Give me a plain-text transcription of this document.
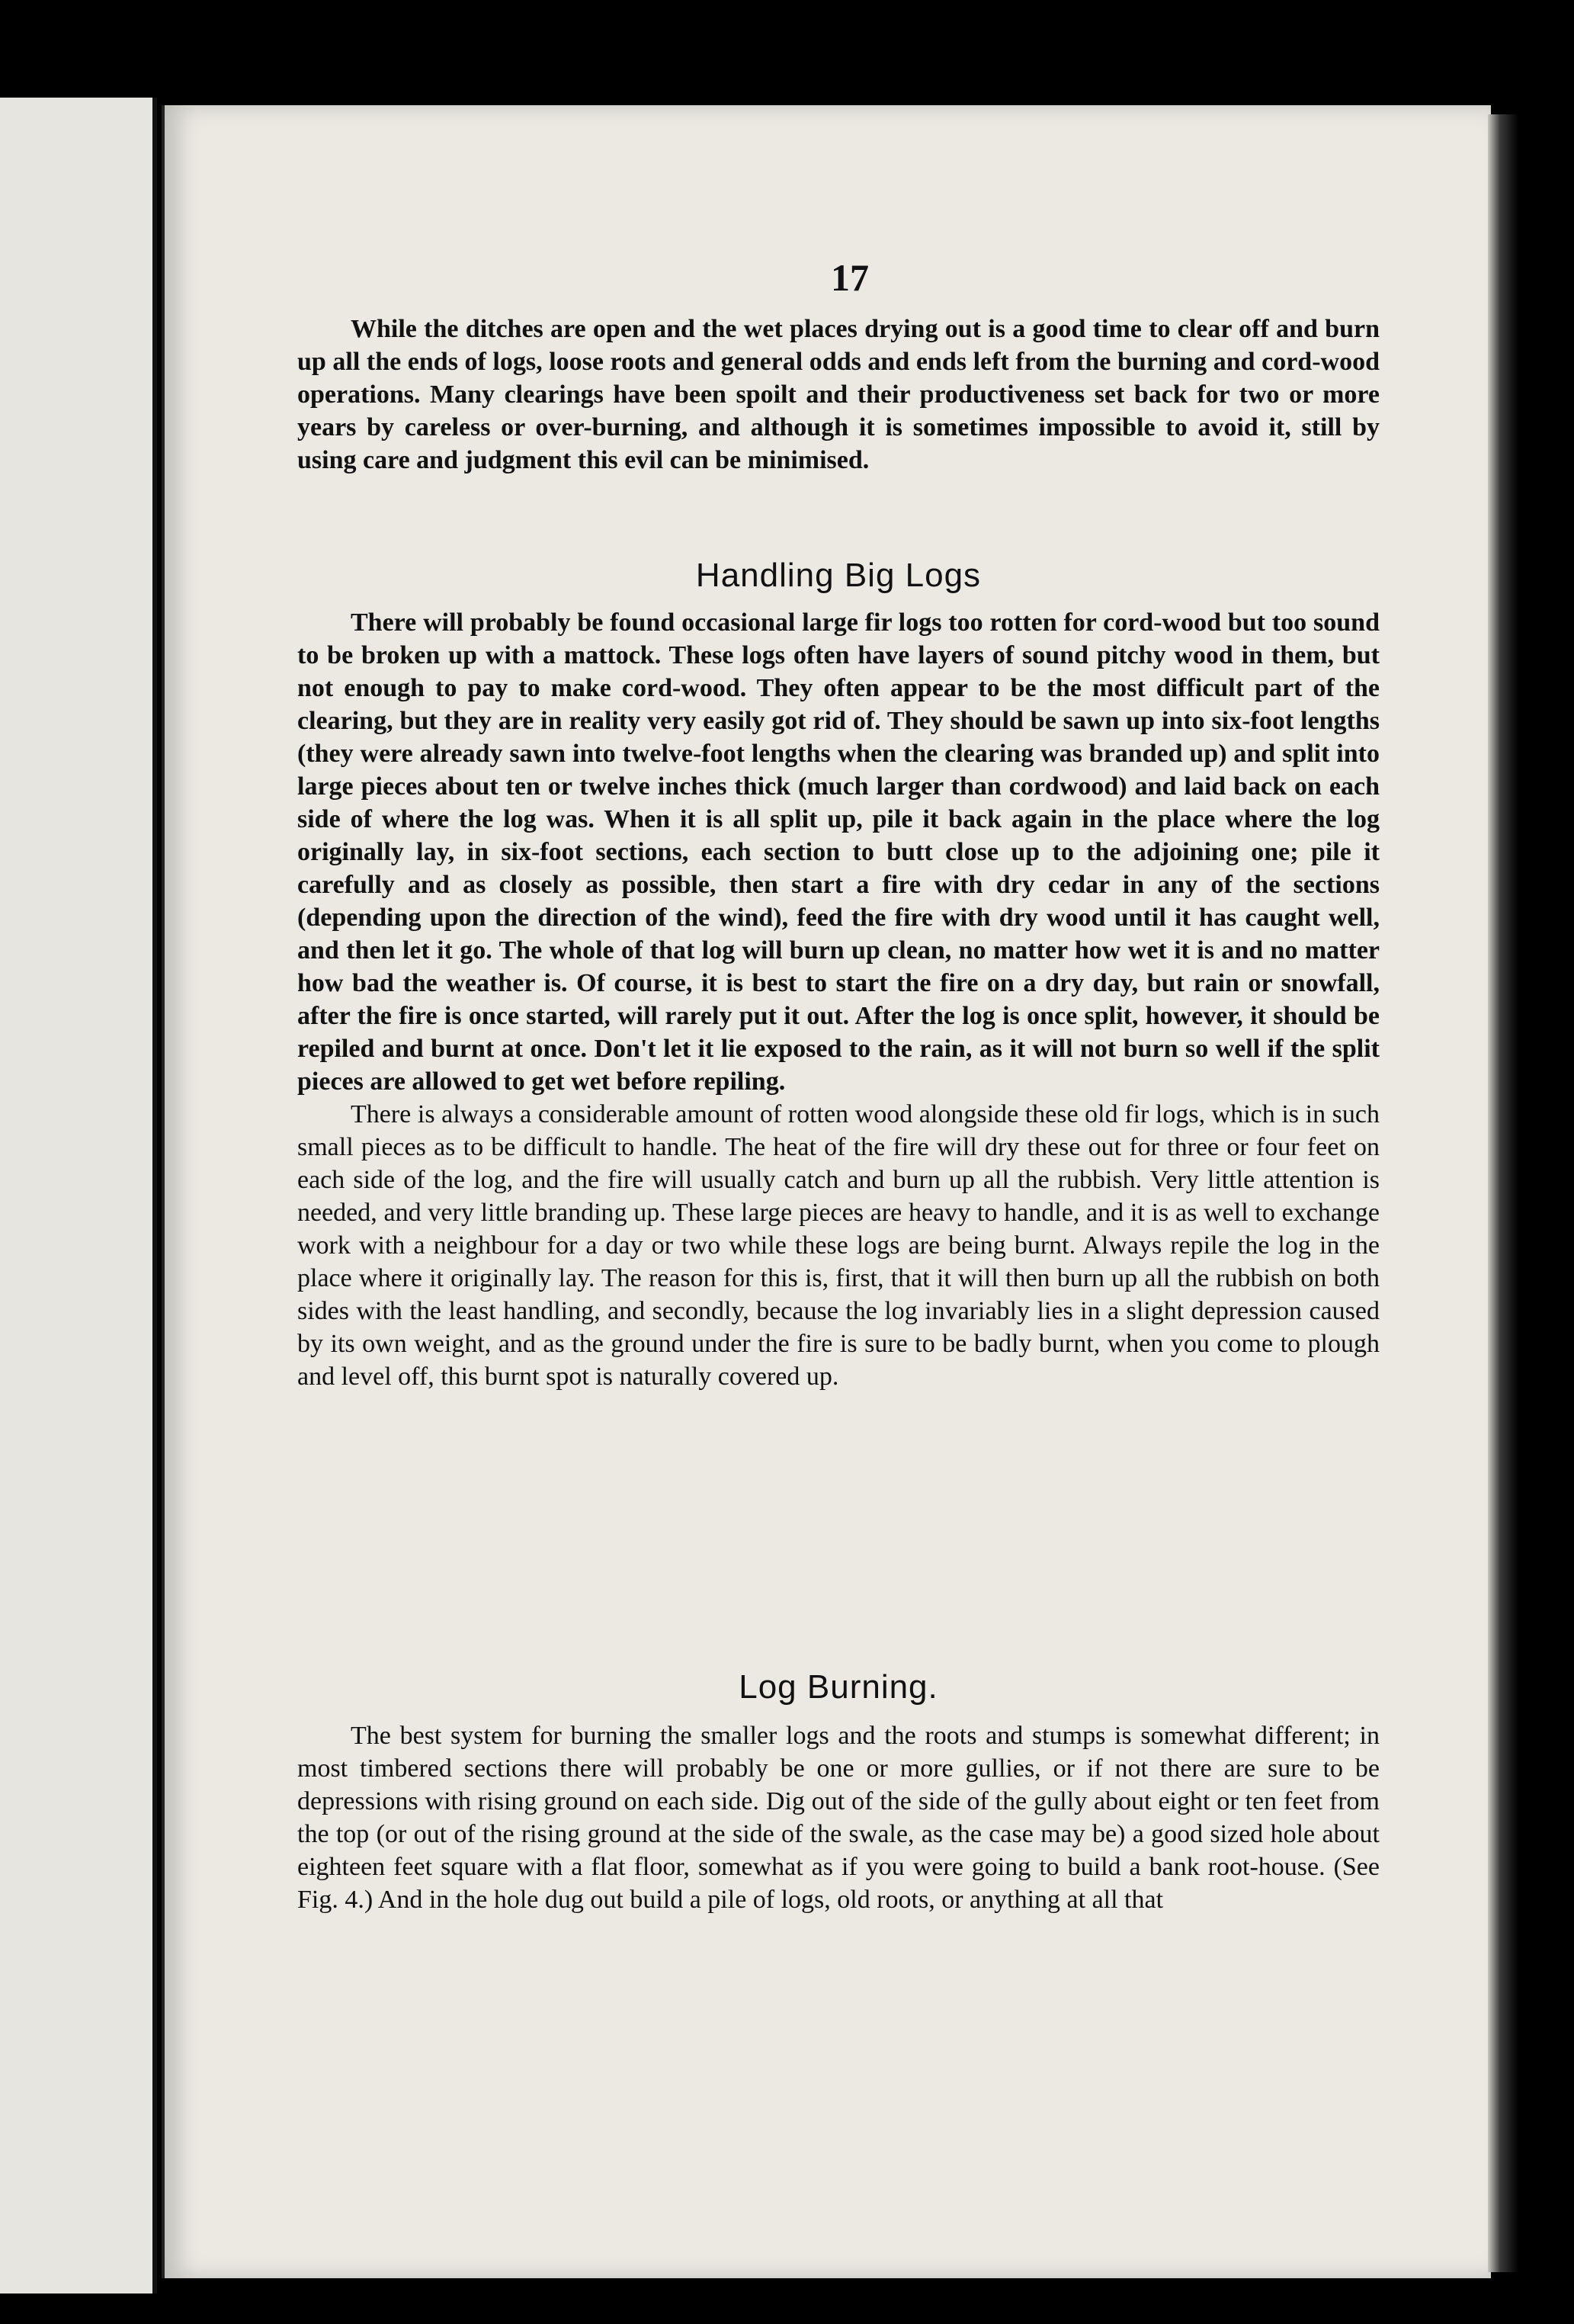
17

While the ditches are open and the wet places drying out is a good time to clear off and burn up all the ends of logs, loose roots and general odds and ends left from the burning and cord-wood operations. Many clearings have been spoilt and their productiveness set back for two or more years by careless or over-burning, and although it is sometimes impossible to avoid it, still by using care and judgment this evil can be minimised.

Handling Big Logs

There will probably be found occasional large fir logs too rotten for cord-wood but too sound to be broken up with a mattock. These logs often have layers of sound pitchy wood in them, but not enough to pay to make cord-wood. They often appear to be the most difficult part of the clearing, but they are in reality very easily got rid of. They should be sawn up into six-foot lengths (they were already sawn into twelve-foot lengths when the clearing was branded up) and split into large pieces about ten or twelve inches thick (much larger than cordwood) and laid back on each side of where the log was. When it is all split up, pile it back again in the place where the log originally lay, in six-foot sections, each section to butt close up to the adjoining one; pile it carefully and as closely as possible, then start a fire with dry cedar in any of the sections (depending upon the direction of the wind), feed the fire with dry wood until it has caught well, and then let it go. The whole of that log will burn up clean, no matter how wet it is and no matter how bad the weather is. Of course, it is best to start the fire on a dry day, but rain or snowfall, after the fire is once started, will rarely put it out. After the log is once split, however, it should be repiled and burnt at once. Don't let it lie exposed to the rain, as it will not burn so well if the split pieces are allowed to get wet before repiling.

There is always a considerable amount of rotten wood alongside these old fir logs, which is in such small pieces as to be difficult to handle. The heat of the fire will dry these out for three or four feet on each side of the log, and the fire will usually catch and burn up all the rubbish. Very little attention is needed, and very little branding up. These large pieces are heavy to handle, and it is as well to exchange work with a neighbour for a day or two while these logs are being burnt. Always repile the log in the place where it originally lay. The reason for this is, first, that it will then burn up all the rubbish on both sides with the least handling, and secondly, because the log invariably lies in a slight depression caused by its own weight, and as the ground under the fire is sure to be badly burnt, when you come to plough and level off, this burnt spot is naturally covered up.

Log Burning.

The best system for burning the smaller logs and the roots and stumps is somewhat different; in most timbered sections there will probably be one or more gullies, or if not there are sure to be depressions with rising ground on each side. Dig out of the side of the gully about eight or ten feet from the top (or out of the rising ground at the side of the swale, as the case may be) a good sized hole about eighteen feet square with a flat floor, somewhat as if you were going to build a bank root-house. (See Fig. 4.) And in the hole dug out build a pile of logs, old roots, or anything at all that
